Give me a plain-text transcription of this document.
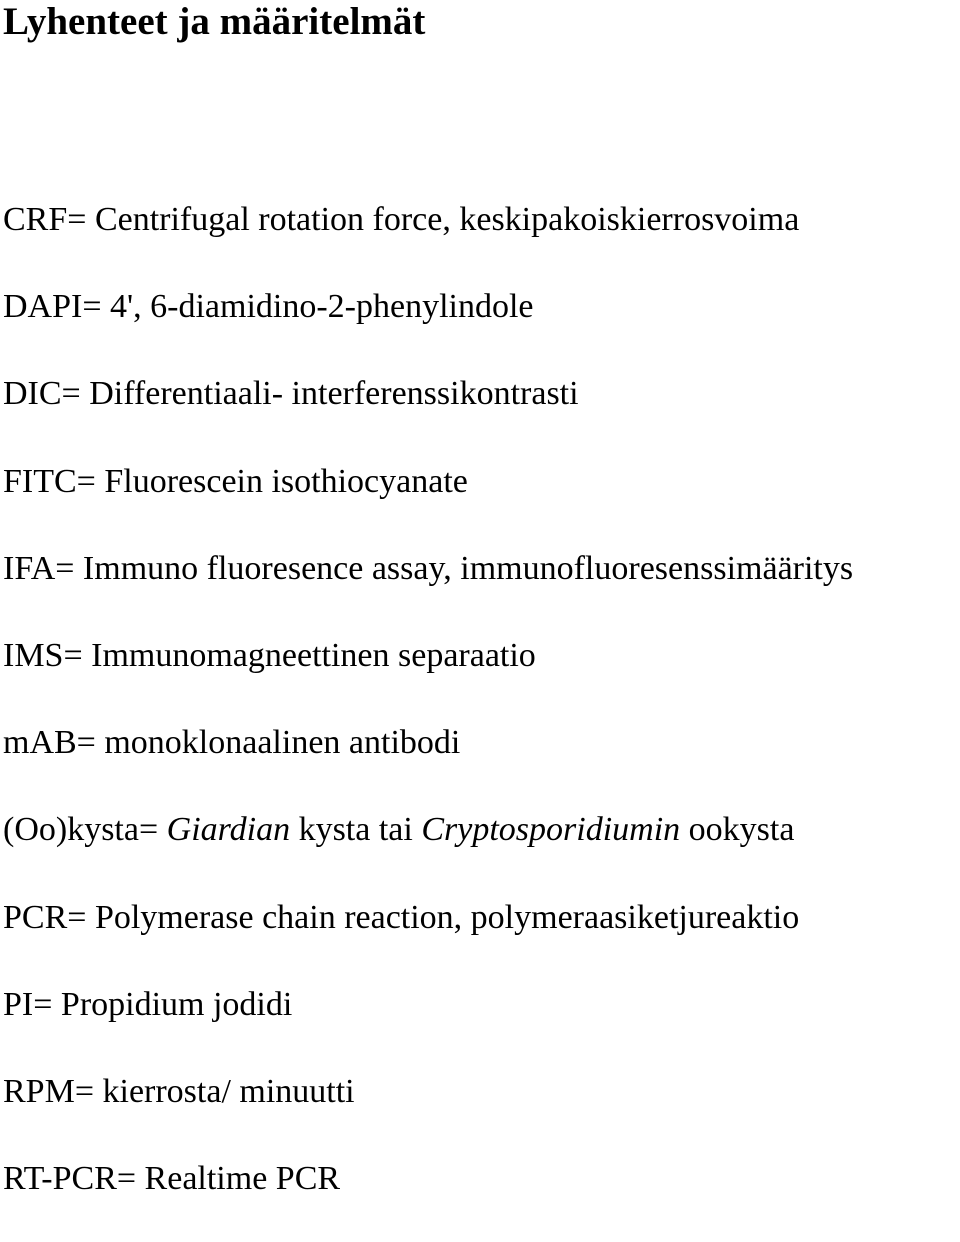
Lyhenteet ja määritelmät
CRF= Centrifugal rotation force, keskipakoiskierrosvoima
DAPI= 4', 6-diamidino-2-phenylindole
DIC= Differentiaali- interferenssikontrasti
FITC= Fluorescein isothiocyanate
IFA= Immuno fluoresence assay, immunofluoresenssimääritys
IMS= Immunomagneettinen separaatio
mAB= monoklonaalinen antibodi
(Oo)kysta= Giardian kysta tai Cryptosporidiumin ookysta
PCR= Polymerase chain reaction, polymeraasiketjureaktio
PI= Propidium jodidi
RPM= kierrosta/ minuutti
RT-PCR= Realtime PCR
